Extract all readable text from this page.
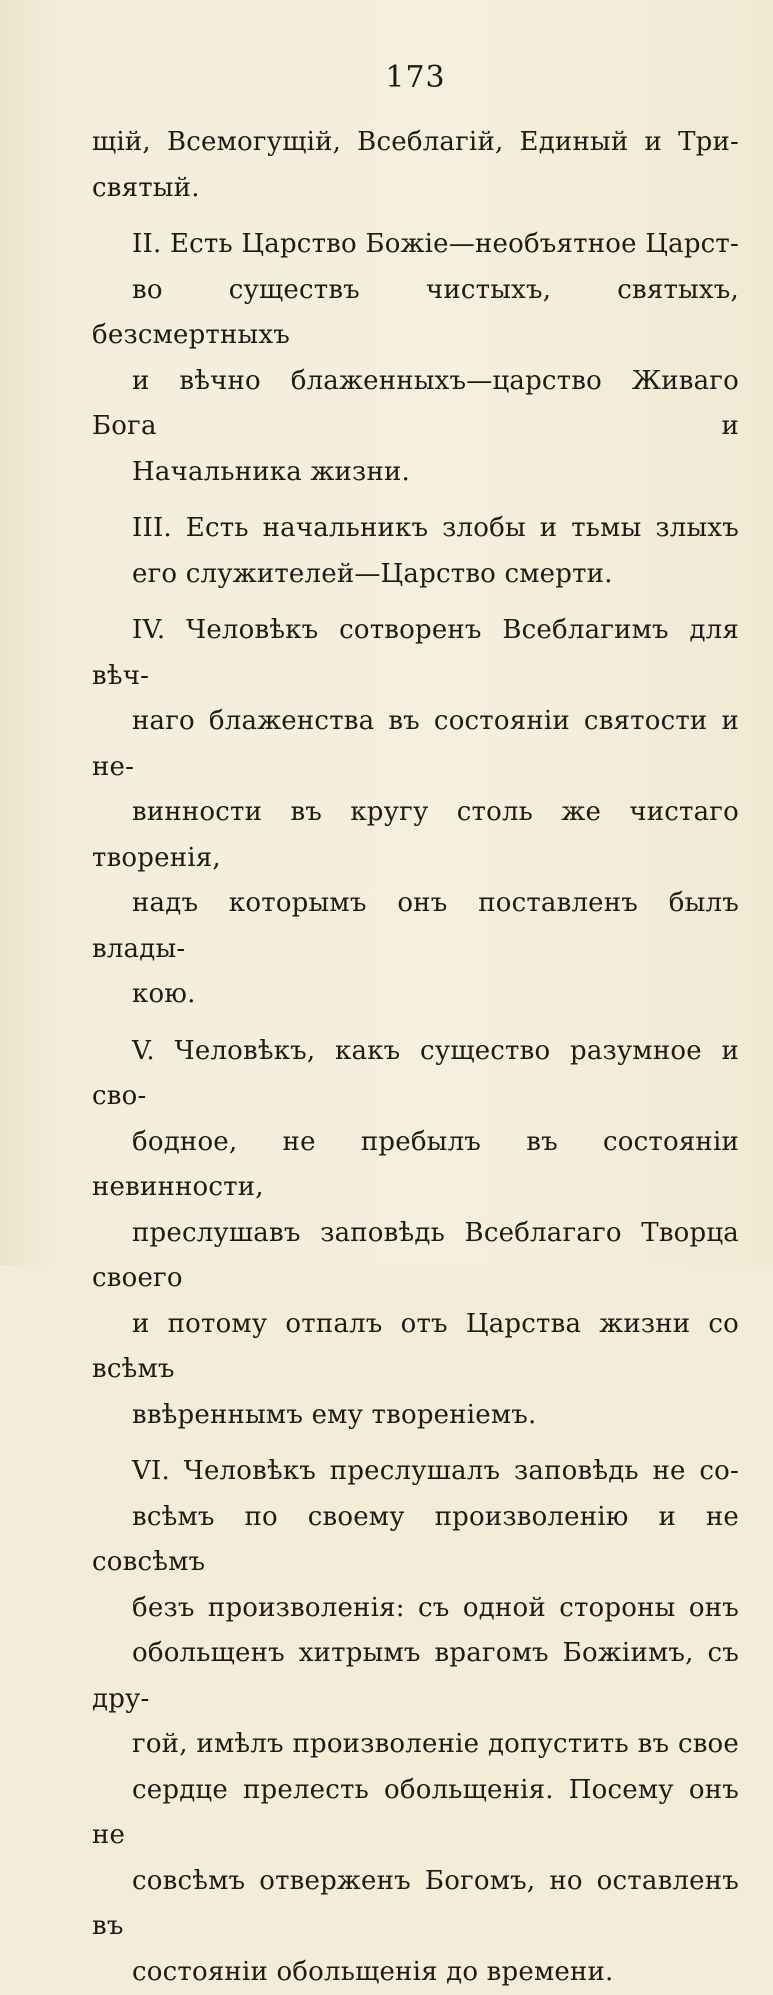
173
щій, Всемогущій, Всеблагій, Единый и Три-
святый.
II. Есть Царство Божіе—необъятное Царст-
во существъ чистыхъ, святыхъ, безсмертныхъ
и вѣчно блаженныхъ—царство Живаго Бога и
Начальника жизни.
III. Есть начальникъ злобы и тьмы злыхъ
его служителей—Царство смерти.
IV. Человѣкъ сотворенъ Всеблагимъ для вѣч-
наго блаженства въ состояніи святости и не-
винности въ кругу столь же чистаго творенія,
надъ которымъ онъ поставленъ былъ влады-
кою.
V. Человѣкъ, какъ существо разумное и сво-
бодное, не пребылъ въ состояніи невинности,
преслушавъ заповѣдь Всеблагаго Творца своего
и потому отпалъ отъ Царства жизни со всѣмъ
ввѣреннымъ ему твореніемъ.
VI. Человѣкъ преслушалъ заповѣдь не со-
всѣмъ по своему произволенію и не совсѣмъ
безъ произволенія: съ одной стороны онъ
обольщенъ хитрымъ врагомъ Божіимъ, съ дру-
гой, имѣлъ произволеніе допустить въ свое
сердце прелесть обольщенія. Посему онъ не
совсѣмъ отверженъ Богомъ, но оставленъ въ
состояніи обольщенія до времени.
